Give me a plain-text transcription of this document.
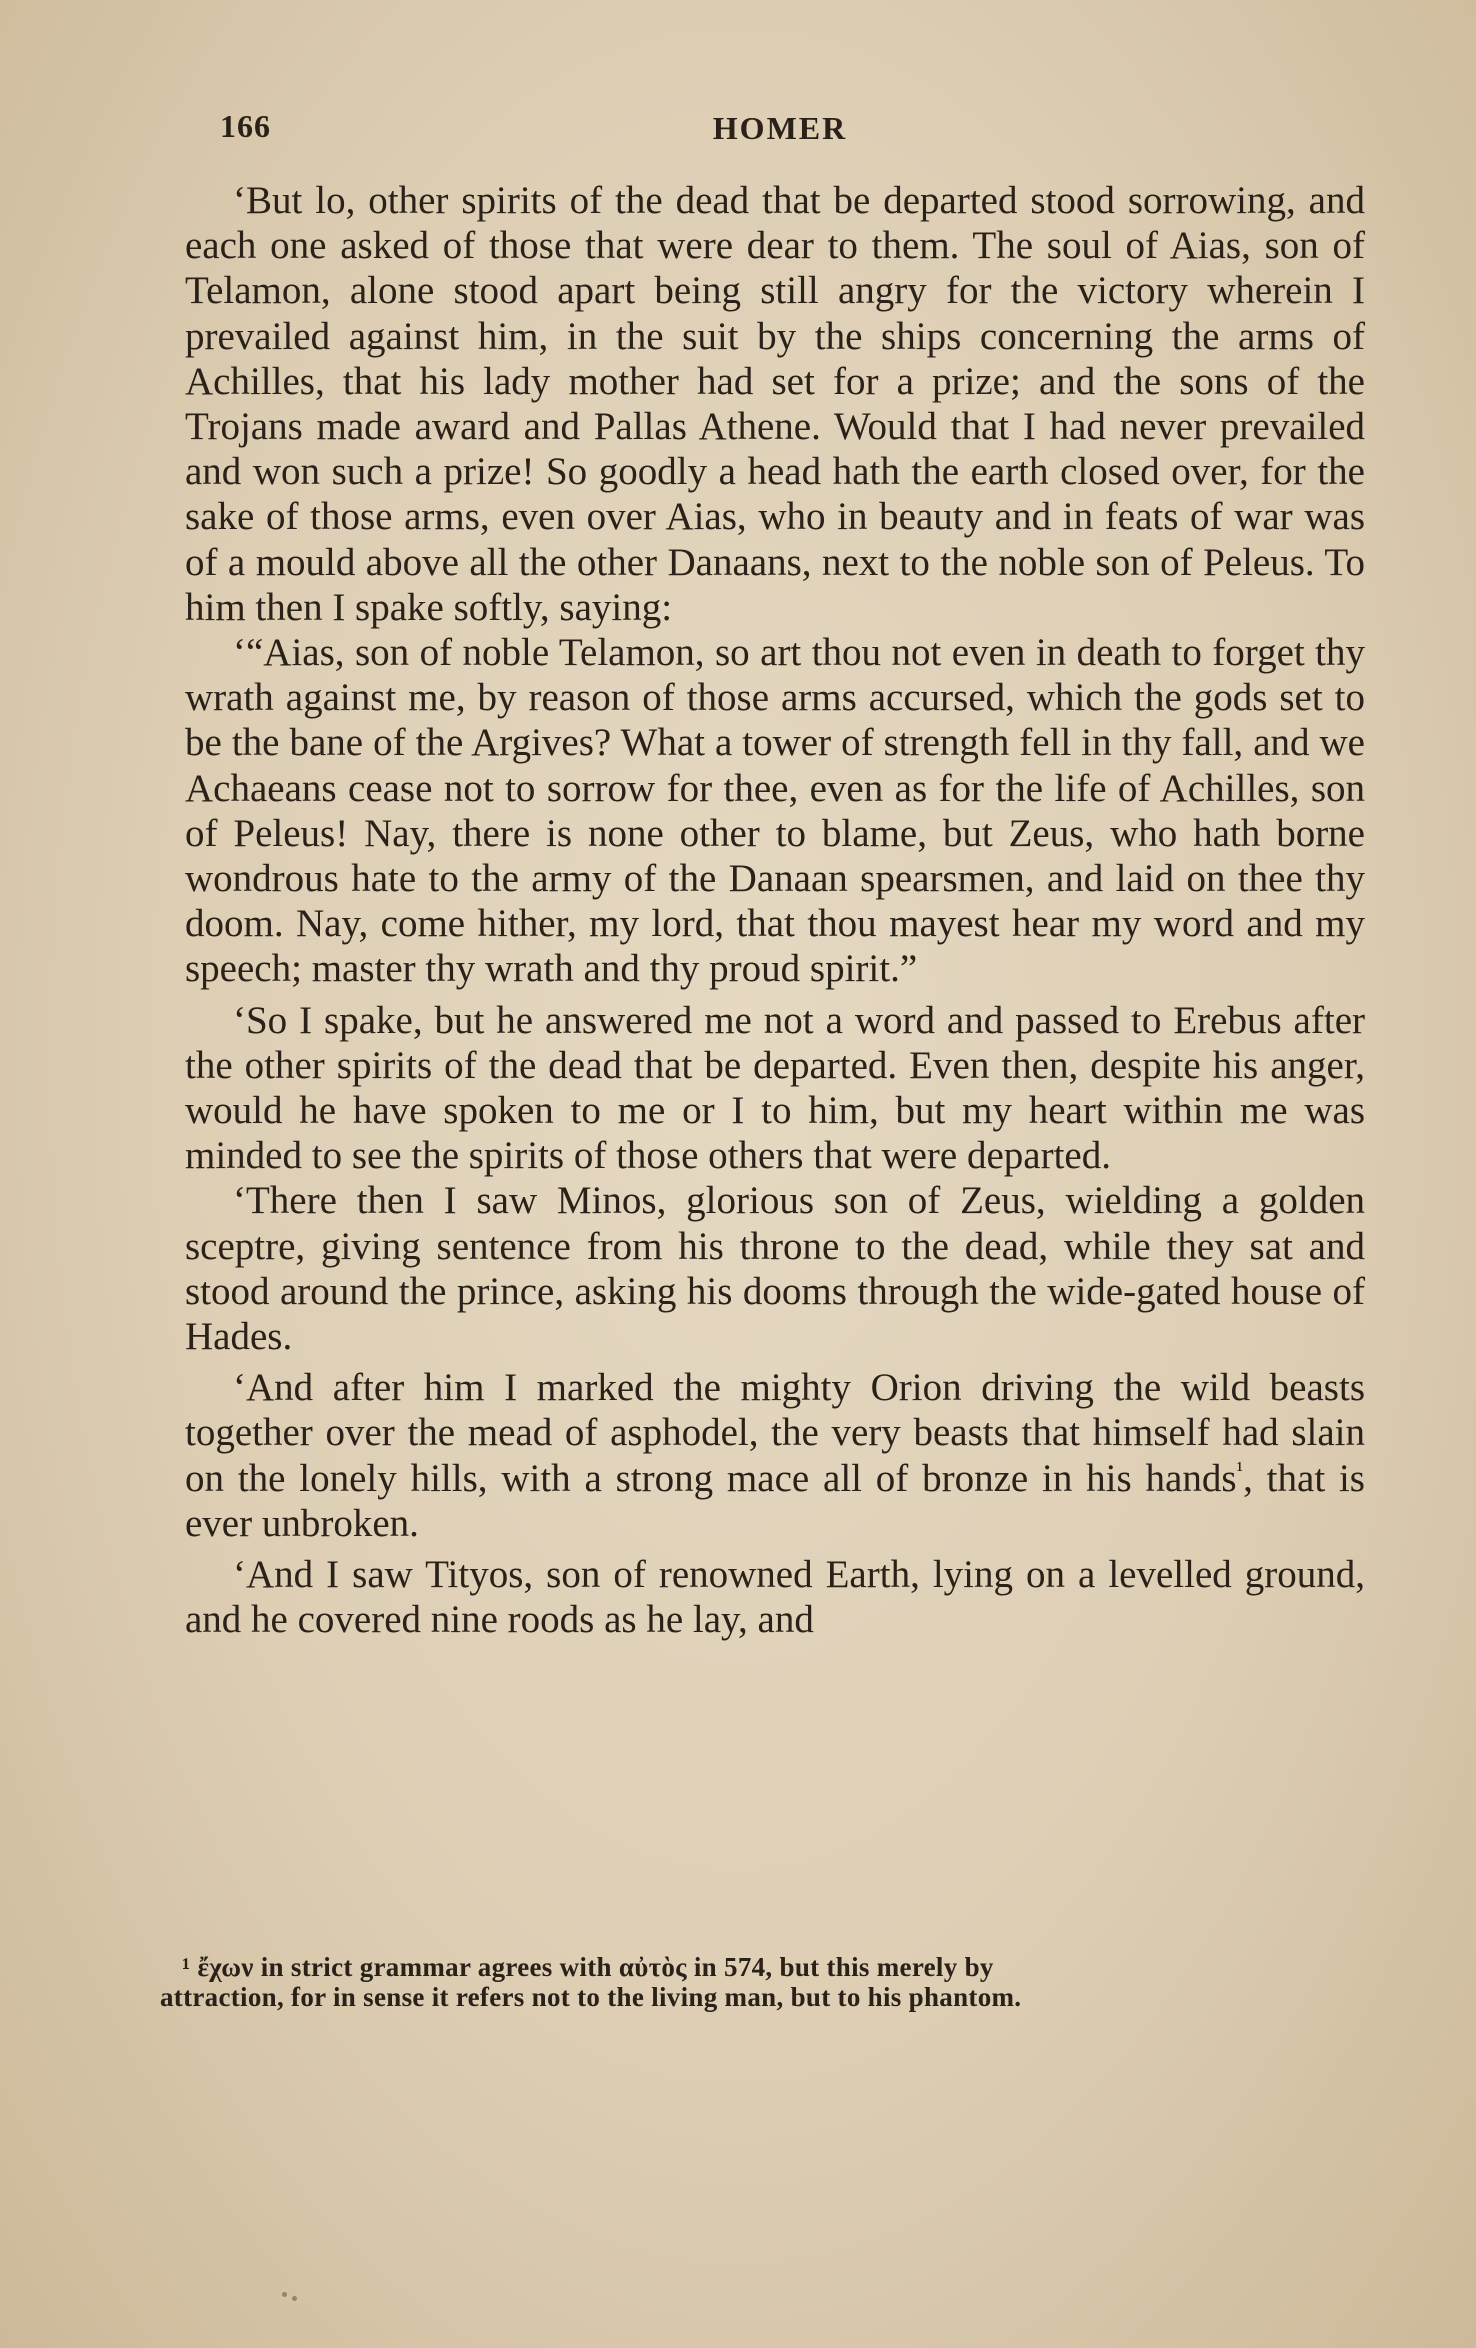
166	HOMER

‘But lo, other spirits of the dead that be departed stood sorrowing, and each one asked of those that were dear to them. The soul of Aias, son of Telamon, alone stood apart being still angry for the victory wherein I prevailed against him, in the suit by the ships concerning the arms of Achilles, that his lady mother had set for a prize; and the sons of the Trojans made award and Pallas Athene. Would that I had never prevailed and won such a prize! So goodly a head hath the earth closed over, for the sake of those arms, even over Aias, who in beauty and in feats of war was of a mould above all the other Danaans, next to the noble son of Peleus. To him then I spake softly, saying:

‘“Aias, son of noble Telamon, so art thou not even in death to forget thy wrath against me, by reason of those arms accursed, which the gods set to be the bane of the Argives? What a tower of strength fell in thy fall, and we Achaeans cease not to sorrow for thee, even as for the life of Achilles, son of Peleus! Nay, there is none other to blame, but Zeus, who hath borne wondrous hate to the army of the Danaan spearsmen, and laid on thee thy doom. Nay, come hither, my lord, that thou mayest hear my word and my speech; master thy wrath and thy proud spirit.”

‘So I spake, but he answered me not a word and passed to Erebus after the other spirits of the dead that be departed. Even then, despite his anger, would he have spoken to me or I to him, but my heart within me was minded to see the spirits of those others that were departed.

‘There then I saw Minos, glorious son of Zeus, wielding a golden sceptre, giving sentence from his throne to the dead, while they sat and stood around the prince, asking his dooms through the wide-gated house of Hades.

‘And after him I marked the mighty Orion driving the wild beasts together over the mead of asphodel, the very beasts that himself had slain on the lonely hills, with a strong mace all of bronze in his hands$^{^1}$, that is ever unbroken.

‘And I saw Tityos, son of renowned Earth, lying on a levelled ground, and he covered nine roods as he lay, and

¹ ἔχων in strict grammar agrees with αὐτὸς in 574, but this merely by

attraction, for in sense it refers not to the living man, but to his phantom.
